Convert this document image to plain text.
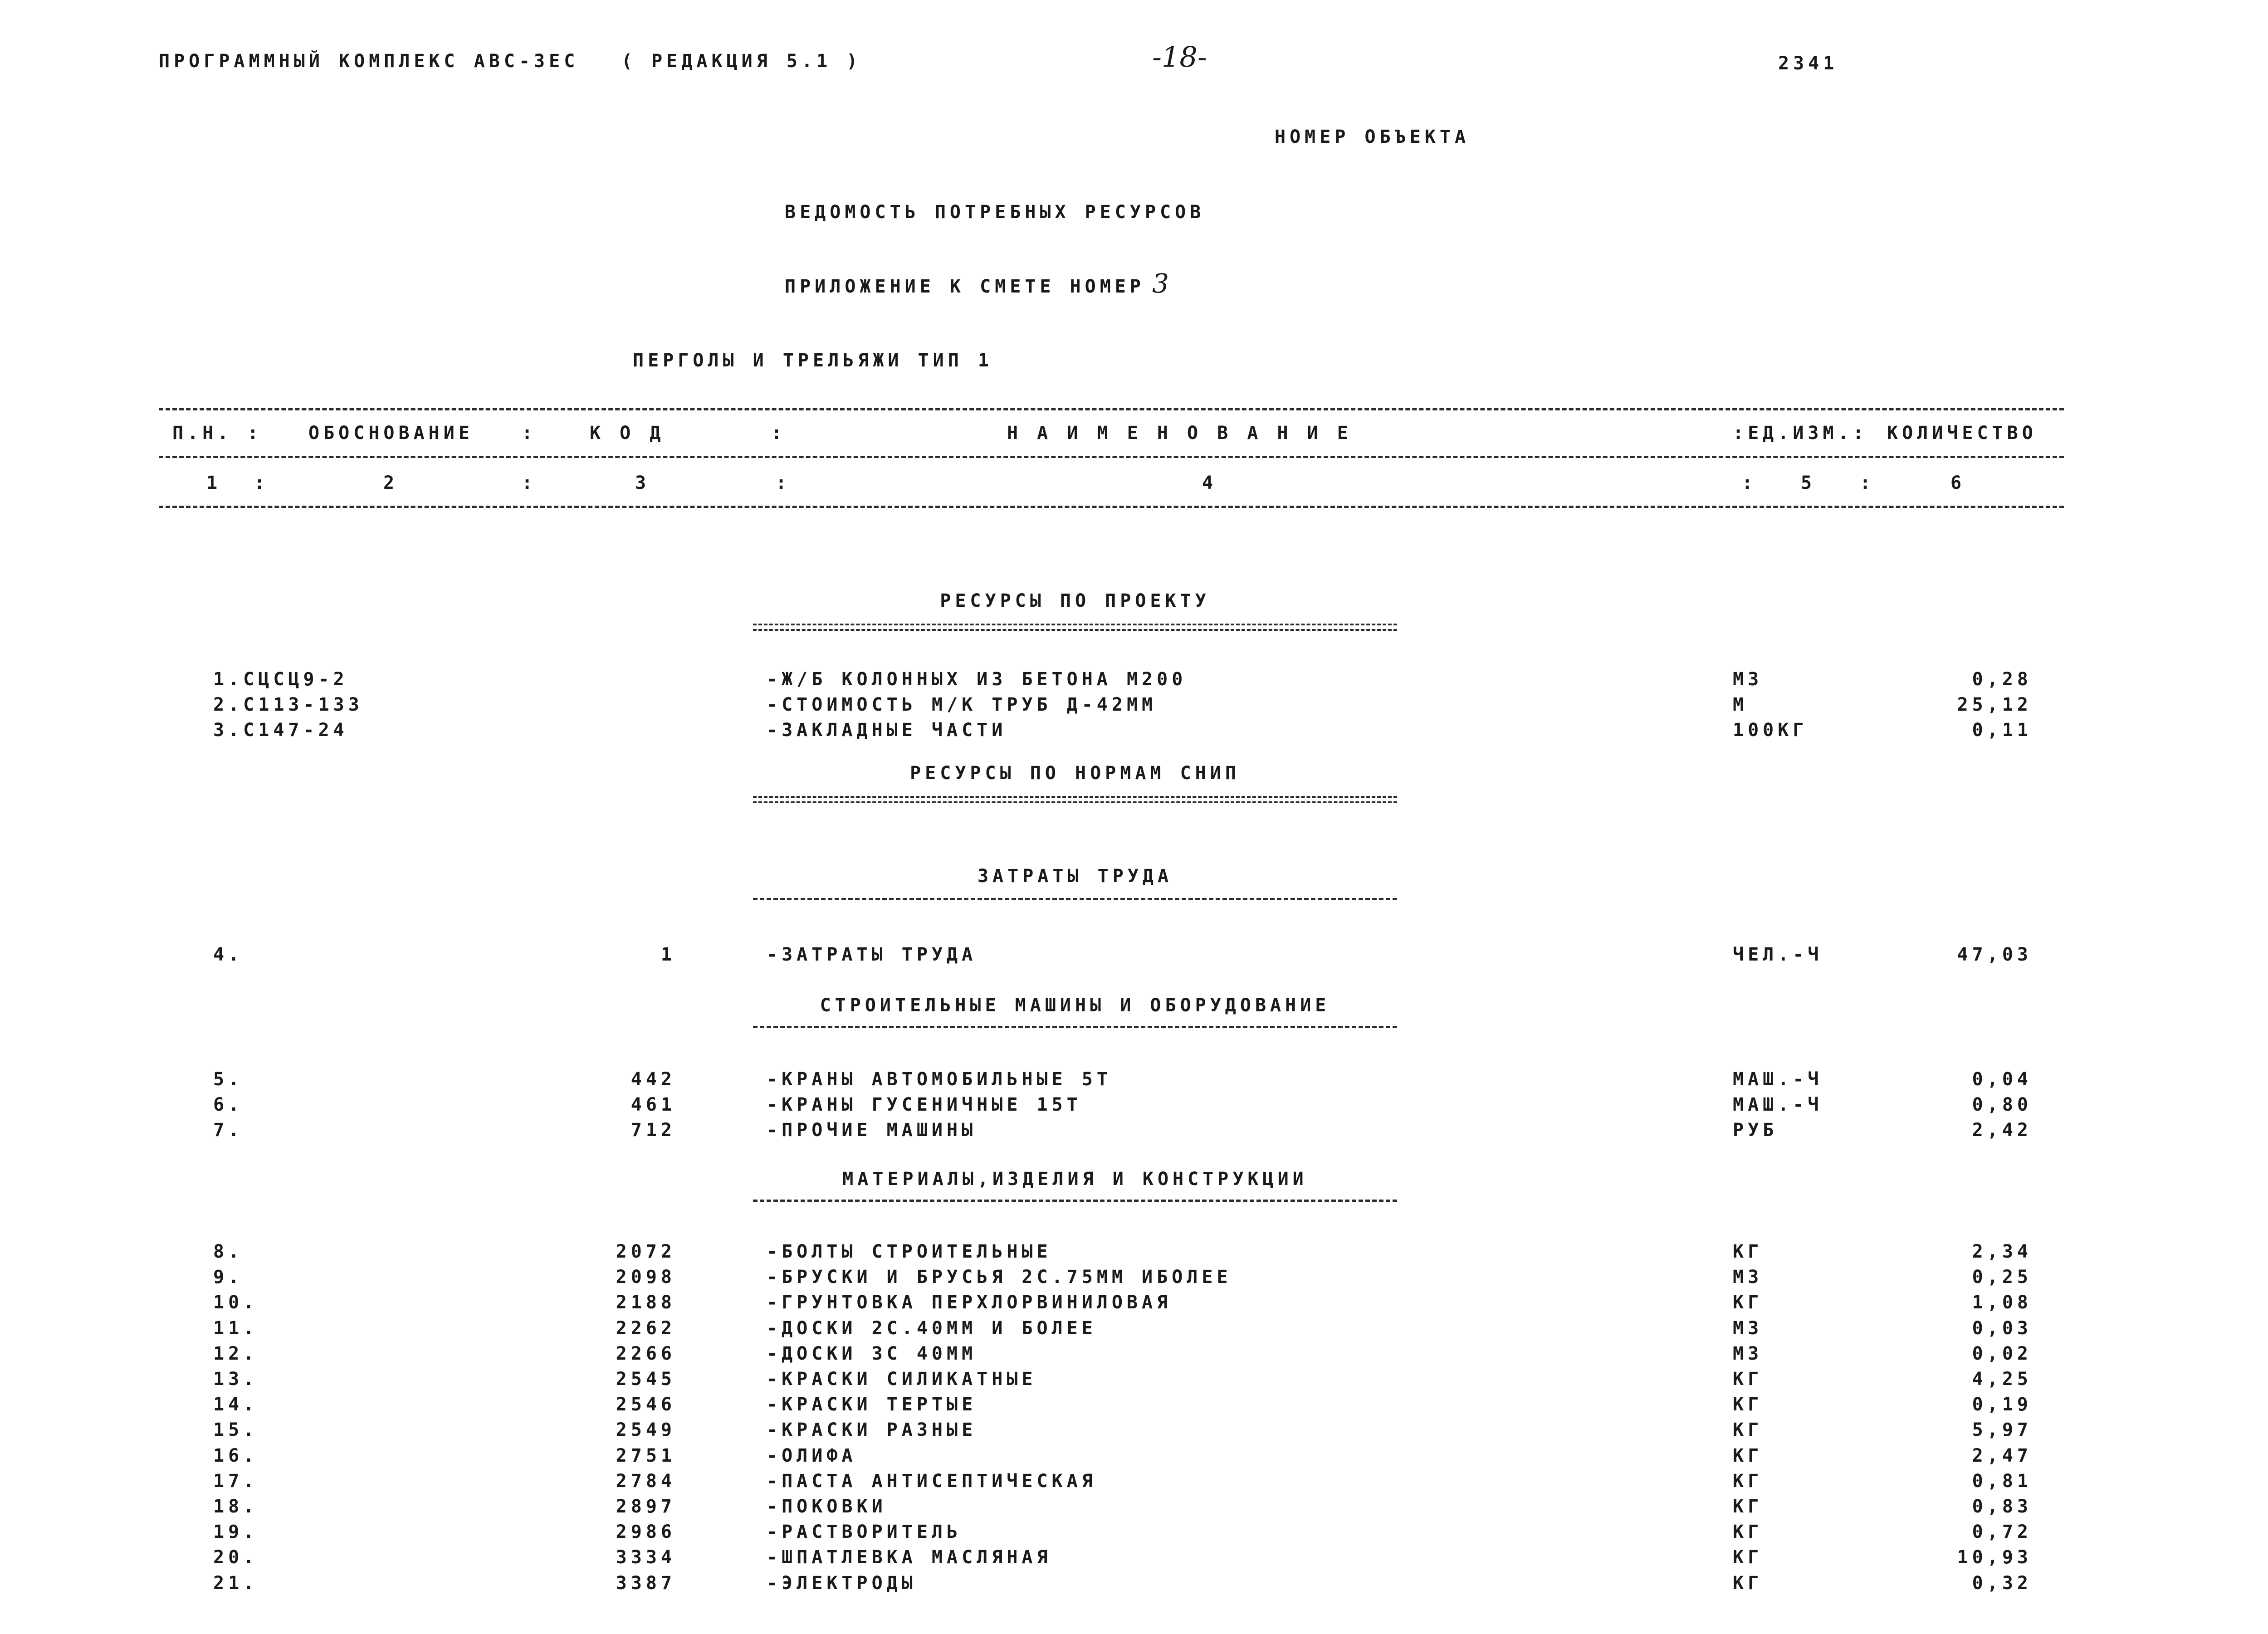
ПРОГРАММНЫЙ КОМПЛЕКС АВС-3ЕС ( РЕДАКЦИЯ 5.1 )	-18-	2341
НОМЕР ОБЪЕКТА
ВЕДОМОСТЬ ПОТРЕБНЫХ РЕСУРСОВ
ПРИЛОЖЕНИЕ К СМЕТЕ НОМЕР 3
ПЕРГОЛЫ И ТРЕЛЬЯЖИ ТИП 1
П.Н. :	ОБОСНОВАНИЕ	:	К О Д	:	Н А И М Е Н О В А Н И Е	:ЕД.ИЗМ.: КОЛИЧЕСТВО
1 :	2	:	3	:	4	: 5 :	6
РЕСУРСЫ ПО ПРОЕКТУ
1.СЦСЦ9-2	-Ж/Б КОЛОННЫХ ИЗ БЕТОНА М200	М3	0,28
2.С113-133	-СТОИМОСТЬ М/К ТРУБ Д-42ММ	М	25,12
3.С147-24	-ЗАКЛАДНЫЕ ЧАСТИ	100КГ	0,11
РЕСУРСЫ ПО НОРМАМ СНИП
ЗАТРАТЫ ТРУДА
4.	1	-ЗАТРАТЫ ТРУДА	ЧЕЛ.-Ч	47,03
СТРОИТЕЛЬНЫЕ МАШИНЫ И ОБОРУДОВАНИЕ
5.	442	-КРАНЫ АВТОМОБИЛЬНЫЕ 5Т	МАШ.-Ч	0,04
6.	461	-КРАНЫ ГУСЕНИЧНЫЕ 15Т	МАШ.-Ч	0,80
7.	712	-ПРОЧИЕ МАШИНЫ	РУБ	2,42
МАТЕРИАЛЫ,ИЗДЕЛИЯ И КОНСТРУКЦИИ
8.	2072	-БОЛТЫ СТРОИТЕЛЬНЫЕ	КГ	2,34
9.	2098	-БРУСКИ И БРУСЬЯ 2С.75ММ ИБОЛЕЕ	М3	0,25
10.	2188	-ГРУНТОВКА ПЕРХЛОРВИНИЛОВАЯ	КГ	1,08
11.	2262	-ДОСКИ 2С.40ММ И БОЛЕЕ	М3	0,03
12.	2266	-ДОСКИ 3С 40ММ	М3	0,02
13.	2545	-КРАСКИ СИЛИКАТНЫЕ	КГ	4,25
14.	2546	-КРАСКИ ТЕРТЫЕ	КГ	0,19
15.	2549	-КРАСКИ РАЗНЫЕ	КГ	5,97
16.	2751	-ОЛИФА	КГ	2,47
17.	2784	-ПАСТА АНТИСЕПТИЧЕСКАЯ	КГ	0,81
18.	2897	-ПОКОВКИ	КГ	0,83
19.	2986	-РАСТВОРИТЕЛЬ	КГ	0,72
20.	3334	-ШПАТЛЕВКА МАСЛЯНАЯ	КГ	10,93
21.	3387	-ЭЛЕКТРОДЫ	КГ	0,32
